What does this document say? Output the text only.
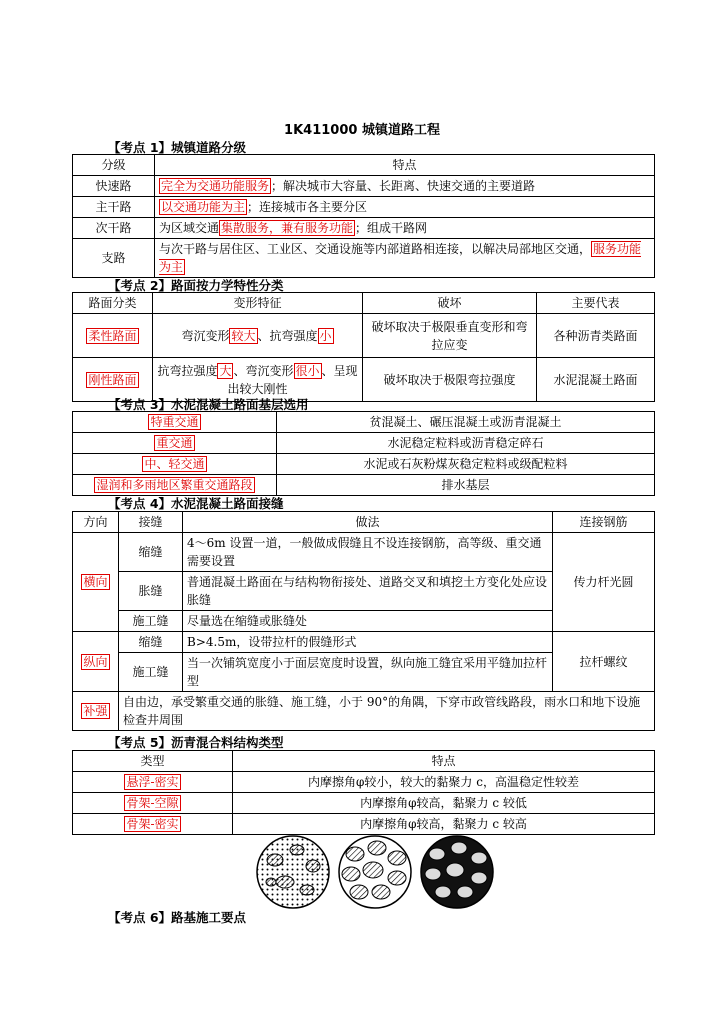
1K411000 城镇道路工程
【考点 1】城镇道路分级
分级	特点
快速路	完全为交通功能服务 ；解决城市大容量、长距离、快速交通的主要道路
主干路	以交通功能为主 ；连接城市各主要分区
次干路	为区域交通 集散服务，兼有服务功能 ；组成干路网
支路	与次干路与居住区、工业区、交通设施等内部道路相连接，以解决局部地区交通， 服务功能为主
【考点 2】路面按力学特性分类
路面分类	变形特征	破坏	主要代表
柔性路面	弯沉变形 较大 、抗弯强度 小	破坏取决于极限垂直变形和弯拉应变	各种沥青类路面
刚性路面	抗弯拉强度 大 、弯沉变形 很小 、呈现出较大刚性	破坏取决于极限弯拉强度	水泥混凝土路面
【考点 3】水泥混凝土路面基层选用
特重交通	贫混凝土、碾压混凝土或沥青混凝土
重交通	水泥稳定粒料或沥青稳定碎石
中、轻交通	水泥或石灰粉煤灰稳定粒料或级配粒料
湿润和多雨地区繁重交通路段	排水基层
【考点 4】水泥混凝土路面接缝
方向	接缝	做法	连接钢筋
横向	缩缝	4～6m 设置一道，一般做成假缝且不设连接钢筋，高等级、重交通需要设置	传力杆光圆
	胀缝	普通混凝土路面在与结构物衔接处、道路交叉和填挖土方变化处应设胀缝	
	施工缝	尽量选在缩缝或胀缝处	
纵向	缩缝	B>4.5m，设带拉杆的假缝形式	拉杆螺纹
	施工缝	当一次铺筑宽度小于面层宽度时设置，纵向施工缝宜采用平缝加拉杆型	
补强	自由边，承受繁重交通的胀缝、施工缝，小于 90°的角隅，下穿市政管线路段，雨水口和地下设施检查井周围		
【考点 5】沥青混合料结构类型
类型	特点
悬浮-密实	内摩擦角φ较小，较大的黏聚力 c，高温稳定性较差
骨架-空隙	内摩擦角φ较高，黏聚力 c 较低
骨架-密实	内摩擦角φ较高，黏聚力 c 较高
【考点 6】路基施工要点
